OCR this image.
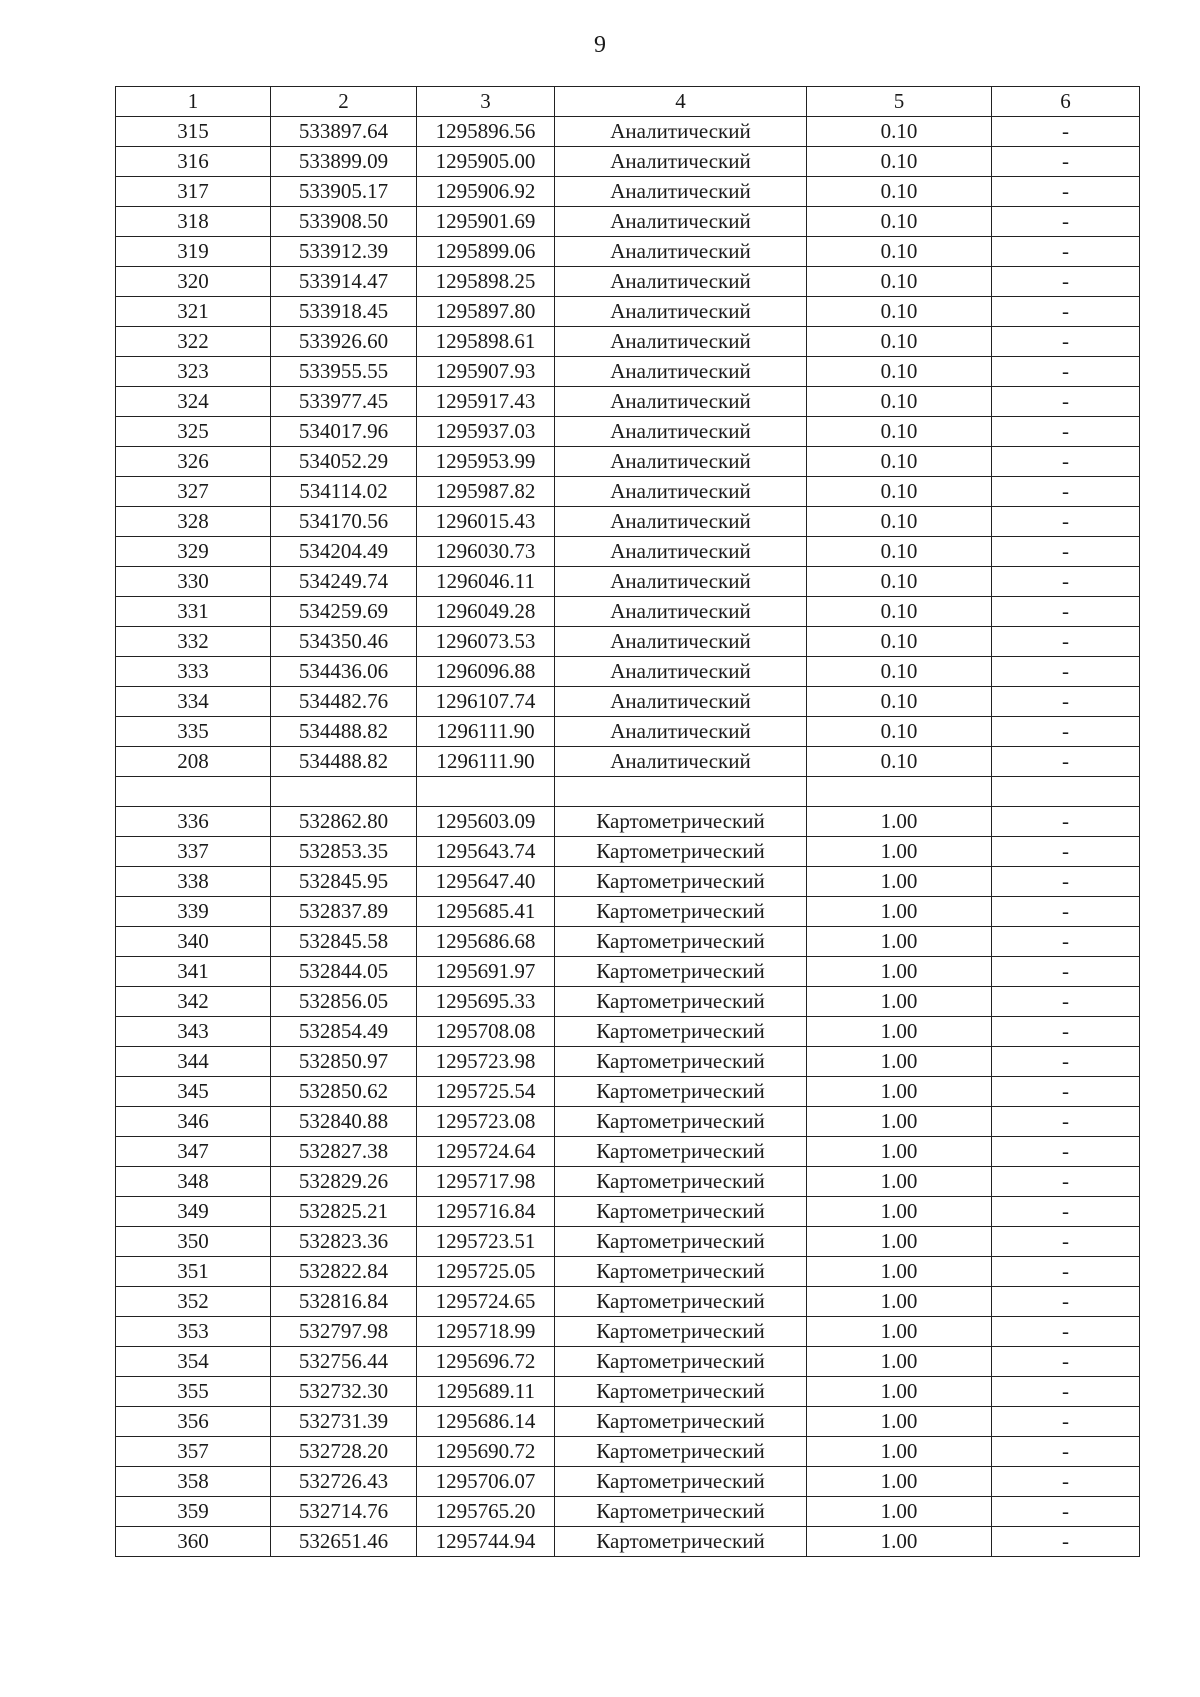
9
1	2	3	4	5	6
315	533897.64	1295896.56	Аналитический	0.10	-
316	533899.09	1295905.00	Аналитический	0.10	-
317	533905.17	1295906.92	Аналитический	0.10	-
318	533908.50	1295901.69	Аналитический	0.10	-
319	533912.39	1295899.06	Аналитический	0.10	-
320	533914.47	1295898.25	Аналитический	0.10	-
321	533918.45	1295897.80	Аналитический	0.10	-
322	533926.60	1295898.61	Аналитический	0.10	-
323	533955.55	1295907.93	Аналитический	0.10	-
324	533977.45	1295917.43	Аналитический	0.10	-
325	534017.96	1295937.03	Аналитический	0.10	-
326	534052.29	1295953.99	Аналитический	0.10	-
327	534114.02	1295987.82	Аналитический	0.10	-
328	534170.56	1296015.43	Аналитический	0.10	-
329	534204.49	1296030.73	Аналитический	0.10	-
330	534249.74	1296046.11	Аналитический	0.10	-
331	534259.69	1296049.28	Аналитический	0.10	-
332	534350.46	1296073.53	Аналитический	0.10	-
333	534436.06	1296096.88	Аналитический	0.10	-
334	534482.76	1296107.74	Аналитический	0.10	-
335	534488.82	1296111.90	Аналитический	0.10	-
208	534488.82	1296111.90	Аналитический	0.10	-

336	532862.80	1295603.09	Картометрический	1.00	-
337	532853.35	1295643.74	Картометрический	1.00	-
338	532845.95	1295647.40	Картометрический	1.00	-
339	532837.89	1295685.41	Картометрический	1.00	-
340	532845.58	1295686.68	Картометрический	1.00	-
341	532844.05	1295691.97	Картометрический	1.00	-
342	532856.05	1295695.33	Картометрический	1.00	-
343	532854.49	1295708.08	Картометрический	1.00	-
344	532850.97	1295723.98	Картометрический	1.00	-
345	532850.62	1295725.54	Картометрический	1.00	-
346	532840.88	1295723.08	Картометрический	1.00	-
347	532827.38	1295724.64	Картометрический	1.00	-
348	532829.26	1295717.98	Картометрический	1.00	-
349	532825.21	1295716.84	Картометрический	1.00	-
350	532823.36	1295723.51	Картометрический	1.00	-
351	532822.84	1295725.05	Картометрический	1.00	-
352	532816.84	1295724.65	Картометрический	1.00	-
353	532797.98	1295718.99	Картометрический	1.00	-
354	532756.44	1295696.72	Картометрический	1.00	-
355	532732.30	1295689.11	Картометрический	1.00	-
356	532731.39	1295686.14	Картометрический	1.00	-
357	532728.20	1295690.72	Картометрический	1.00	-
358	532726.43	1295706.07	Картометрический	1.00	-
359	532714.76	1295765.20	Картометрический	1.00	-
360	532651.46	1295744.94	Картометрический	1.00	-
